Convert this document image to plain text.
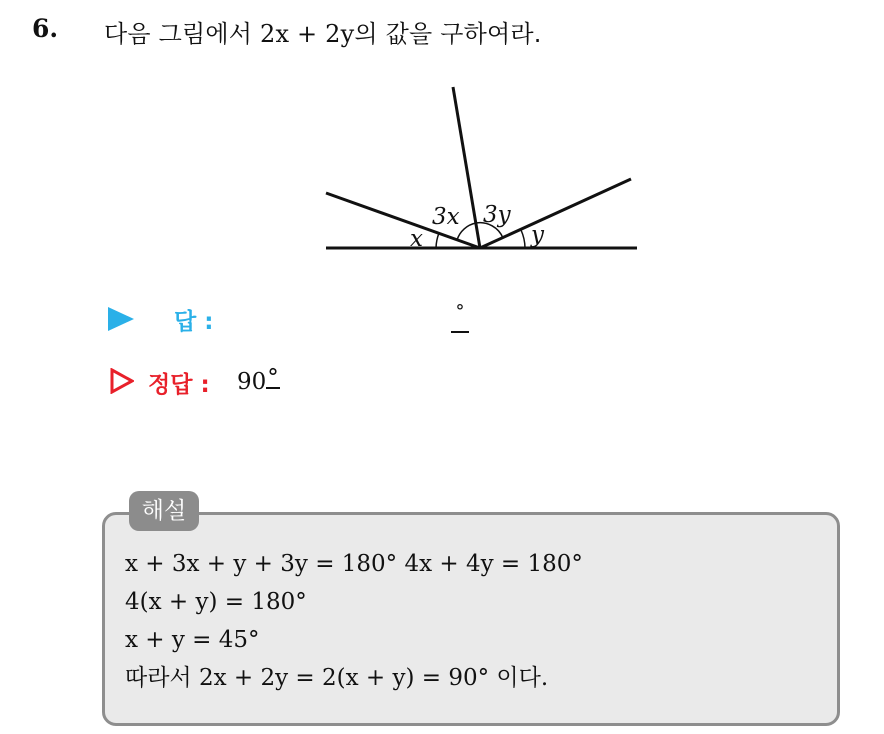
6. 다음 그림에서 2x + 2y의 값을 구하여라.
x
3x 3y
y
답 :	°
정답 : 90°
해설
x + 3x + y + 3y = 180° 4x + 4y = 180°
4(x + y) = 180°
x + y = 45°
따라서 2x + 2y = 2(x + y) = 90° 이다.
